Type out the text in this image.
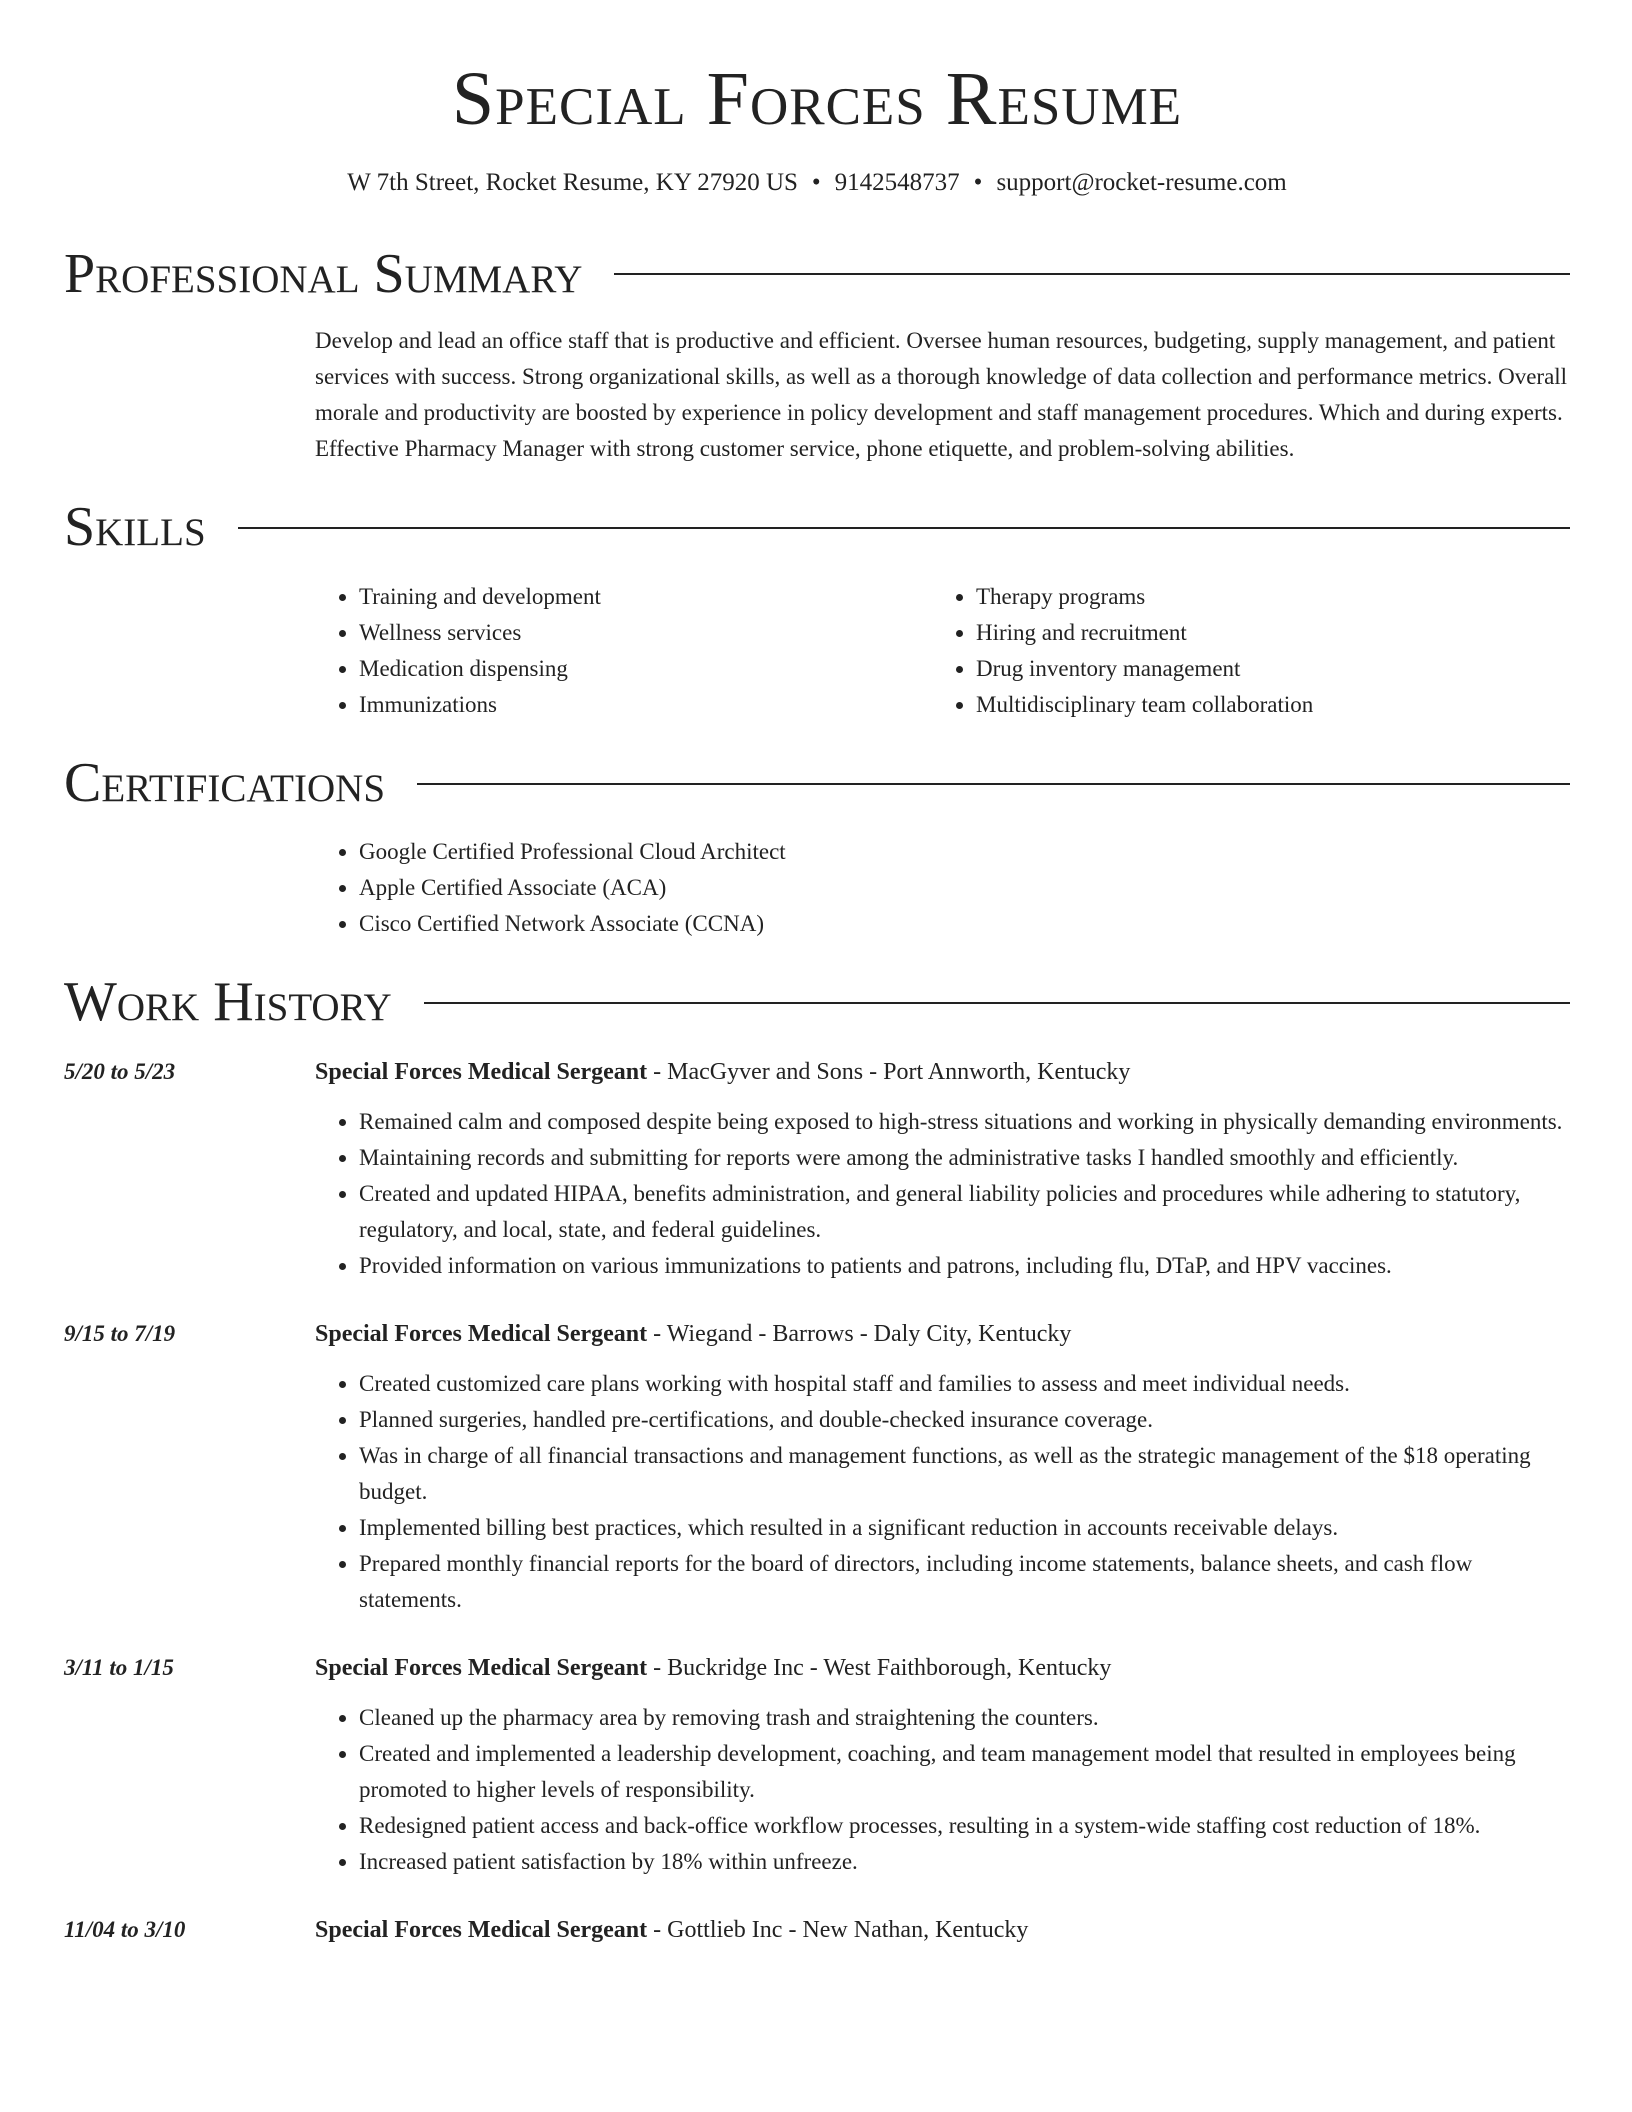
Special Forces Resume
W 7th Street, Rocket Resume, KY 27920 US • 9142548737 • support@rocket-resume.com
Professional Summary
Develop and lead an office staff that is productive and efficient. Oversee human resources, budgeting, supply management, and patient services with success. Strong organizational skills, as well as a thorough knowledge of data collection and performance metrics. Overall morale and productivity are boosted by experience in policy development and staff management procedures. Which and during experts. Effective Pharmacy Manager with strong customer service, phone etiquette, and problem-solving abilities.
Skills
• Training and development
• Wellness services
• Medication dispensing
• Immunizations
• Therapy programs
• Hiring and recruitment
• Drug inventory management
• Multidisciplinary team collaboration
Certifications
• Google Certified Professional Cloud Architect
• Apple Certified Associate (ACA)
• Cisco Certified Network Associate (CCNA)
Work History
5/20 to 5/23	Special Forces Medical Sergeant - MacGyver and Sons - Port Annworth, Kentucky
• Remained calm and composed despite being exposed to high-stress situations and working in physically demanding environments.
• Maintaining records and submitting for reports were among the administrative tasks I handled smoothly and efficiently.
• Created and updated HIPAA, benefits administration, and general liability policies and procedures while adhering to statutory, regulatory, and local, state, and federal guidelines.
• Provided information on various immunizations to patients and patrons, including flu, DTaP, and HPV vaccines.
9/15 to 7/19	Special Forces Medical Sergeant - Wiegand - Barrows - Daly City, Kentucky
• Created customized care plans working with hospital staff and families to assess and meet individual needs.
• Planned surgeries, handled pre-certifications, and double-checked insurance coverage.
• Was in charge of all financial transactions and management functions, as well as the strategic management of the $18 operating budget.
• Implemented billing best practices, which resulted in a significant reduction in accounts receivable delays.
• Prepared monthly financial reports for the board of directors, including income statements, balance sheets, and cash flow statements.
3/11 to 1/15	Special Forces Medical Sergeant - Buckridge Inc - West Faithborough, Kentucky
• Cleaned up the pharmacy area by removing trash and straightening the counters.
• Created and implemented a leadership development, coaching, and team management model that resulted in employees being promoted to higher levels of responsibility.
• Redesigned patient access and back-office workflow processes, resulting in a system-wide staffing cost reduction of 18%.
• Increased patient satisfaction by 18% within unfreeze.
11/04 to 3/10	Special Forces Medical Sergeant - Gottlieb Inc - New Nathan, Kentucky
